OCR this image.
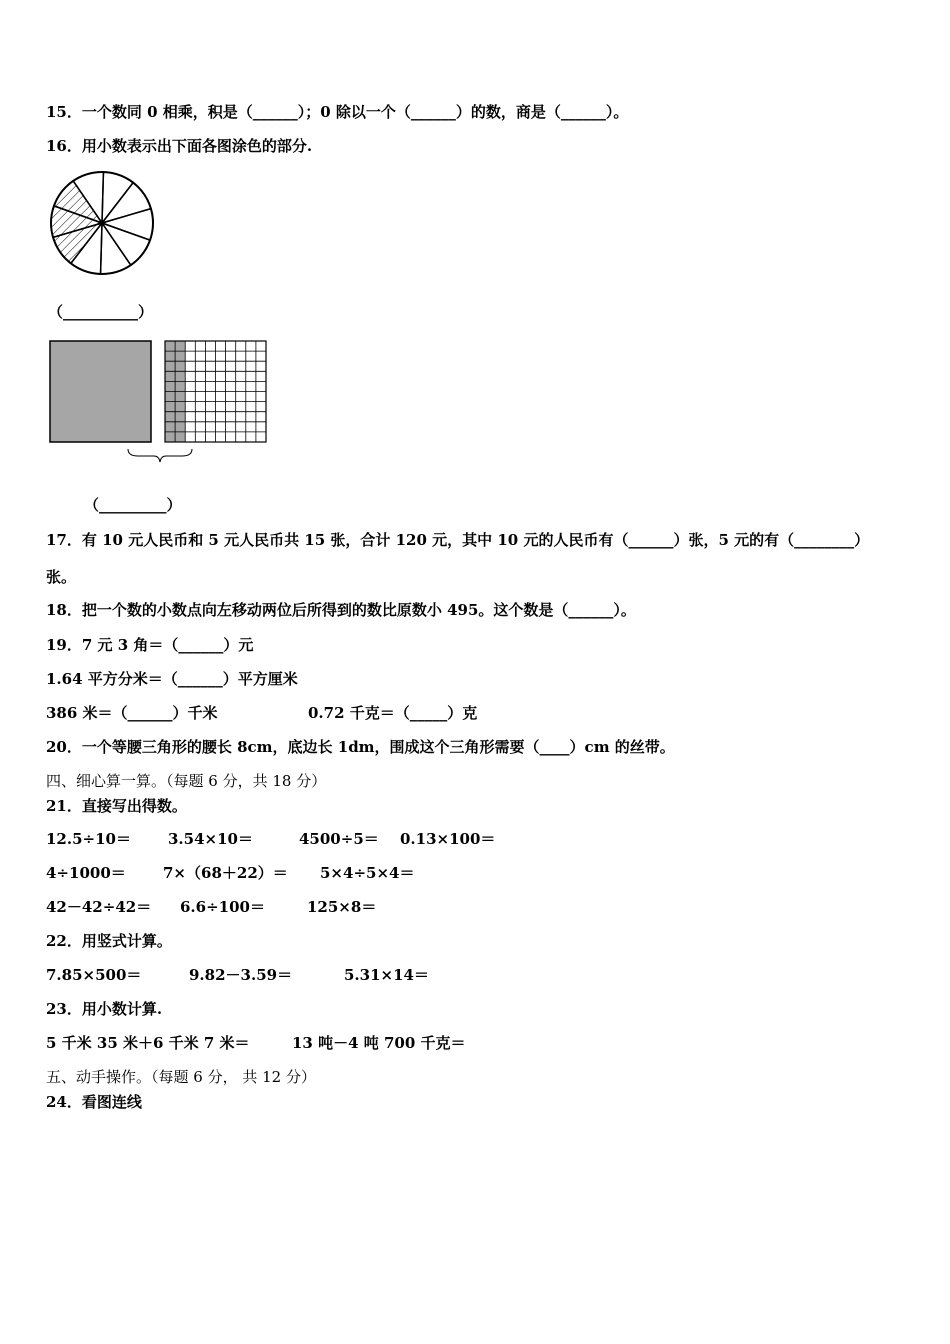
15．一个数同 0 相乘，积是（______）；0 除以一个（______）的数，商是（______）。
16．用小数表示出下面各图涂色的部分.
（__________）
（_________）
17．有 10 元人民币和 5 元人民币共 15 张，合计 120 元，其中 10 元的人民币有（______）张，5 元的有（________）
张。
18．把一个数的小数点向左移动两位后所得到的数比原数小 495。这个数是（______）。
19．7 元 3 角＝（______）元
1.64 平方分米＝（______）平方厘米
386 米＝（______）千米	0.72 千克＝（_____）克
20．一个等腰三角形的腰长 8cm，底边长 1dm，围成这个三角形需要（____）cm 的丝带。
四、细心算一算。（每题 6 分，共 18 分）
21．直接写出得数。
12.5÷10＝ 3.54×10＝	4500÷5＝ 0.13×100＝
4÷1000＝ 7×（68＋22）＝ 5×4÷5×4＝
42－42÷42＝ 6.6÷100＝	125×8＝
22．用竖式计算。
7.85×500＝	9.82－3.59＝	5.31×14＝
23．用小数计算.
5 千米 35 米＋6 千米 7 米＝	13 吨－4 吨 700 千克＝
五、动手操作。（每题 6 分， 共 12 分）
24．看图连线
